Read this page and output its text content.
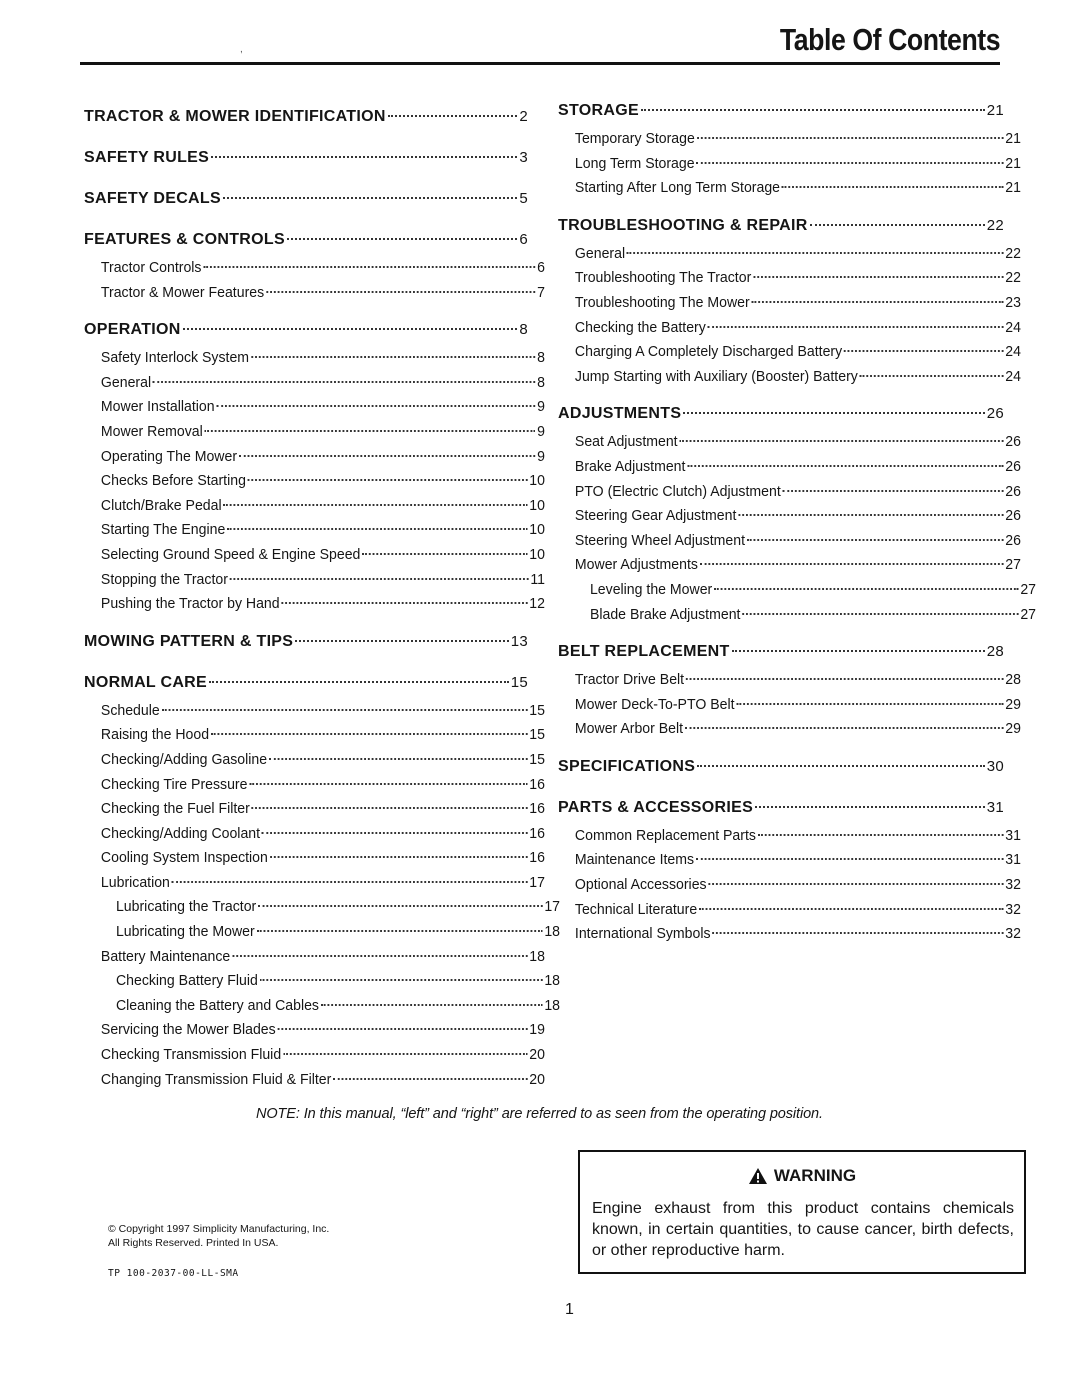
,	Table Of Contents
TRACTOR & MOWER IDENTIFICATION	2
SAFETY RULES	3
SAFETY DECALS	5
FEATURES & CONTROLS	6
Tractor Controls	6
Tractor & Mower Features	7
OPERATION	8
Safety Interlock System	8
General	8
Mower Installation	9
Mower Removal	9
Operating The Mower	9
Checks Before Starting	10
Clutch/Brake Pedal	10
Starting The Engine	10
Selecting Ground Speed & Engine Speed	10
Stopping the Tractor	11
Pushing the Tractor by Hand	12
MOWING PATTERN & TIPS	13
NORMAL CARE	15
Schedule	15
Raising the Hood	15
Checking/Adding Gasoline	15
Checking Tire Pressure	16
Checking the Fuel Filter	16
Checking/Adding Coolant	16
Cooling System Inspection	16
Lubrication	17
Lubricating the Tractor	17
Lubricating the Mower	18
Battery Maintenance	18
Checking Battery Fluid	18
Cleaning the Battery and Cables	18
Servicing the Mower Blades	19
Checking Transmission Fluid	20
Changing Transmission Fluid & Filter	20
STORAGE	21
Temporary Storage	21
Long Term Storage	21
Starting After Long Term Storage	21
TROUBLESHOOTING & REPAIR	22
General	22
Troubleshooting The Tractor	22
Troubleshooting The Mower	23
Checking the Battery	24
Charging A Completely Discharged Battery	24
Jump Starting with Auxiliary (Booster) Battery	24
ADJUSTMENTS	26
Seat Adjustment	26
Brake Adjustment	26
PTO (Electric Clutch) Adjustment	26
Steering Gear Adjustment	26
Steering Wheel Adjustment	26
Mower Adjustments	27
Leveling the Mower	27
Blade Brake Adjustment	27
BELT REPLACEMENT	28
Tractor Drive Belt	28
Mower Deck-To-PTO Belt	29
Mower Arbor Belt	29
SPECIFICATIONS	30
PARTS & ACCESSORIES	31
Common Replacement Parts	31
Maintenance Items	31
Optional Accessories	32
Technical Literature	32
International Symbols	32
NOTE: In this manual, “left” and “right” are referred to as seen from the operating position.
WARNING
Engine exhaust from this product contains chemicals known, in certain quantities, to cause cancer, birth defects, or other reproductive harm.
© Copyright 1997 Simplicity Manufacturing, Inc.
All Rights Reserved. Printed In USA.
TP 100-2037-00-LL-SMA
1
